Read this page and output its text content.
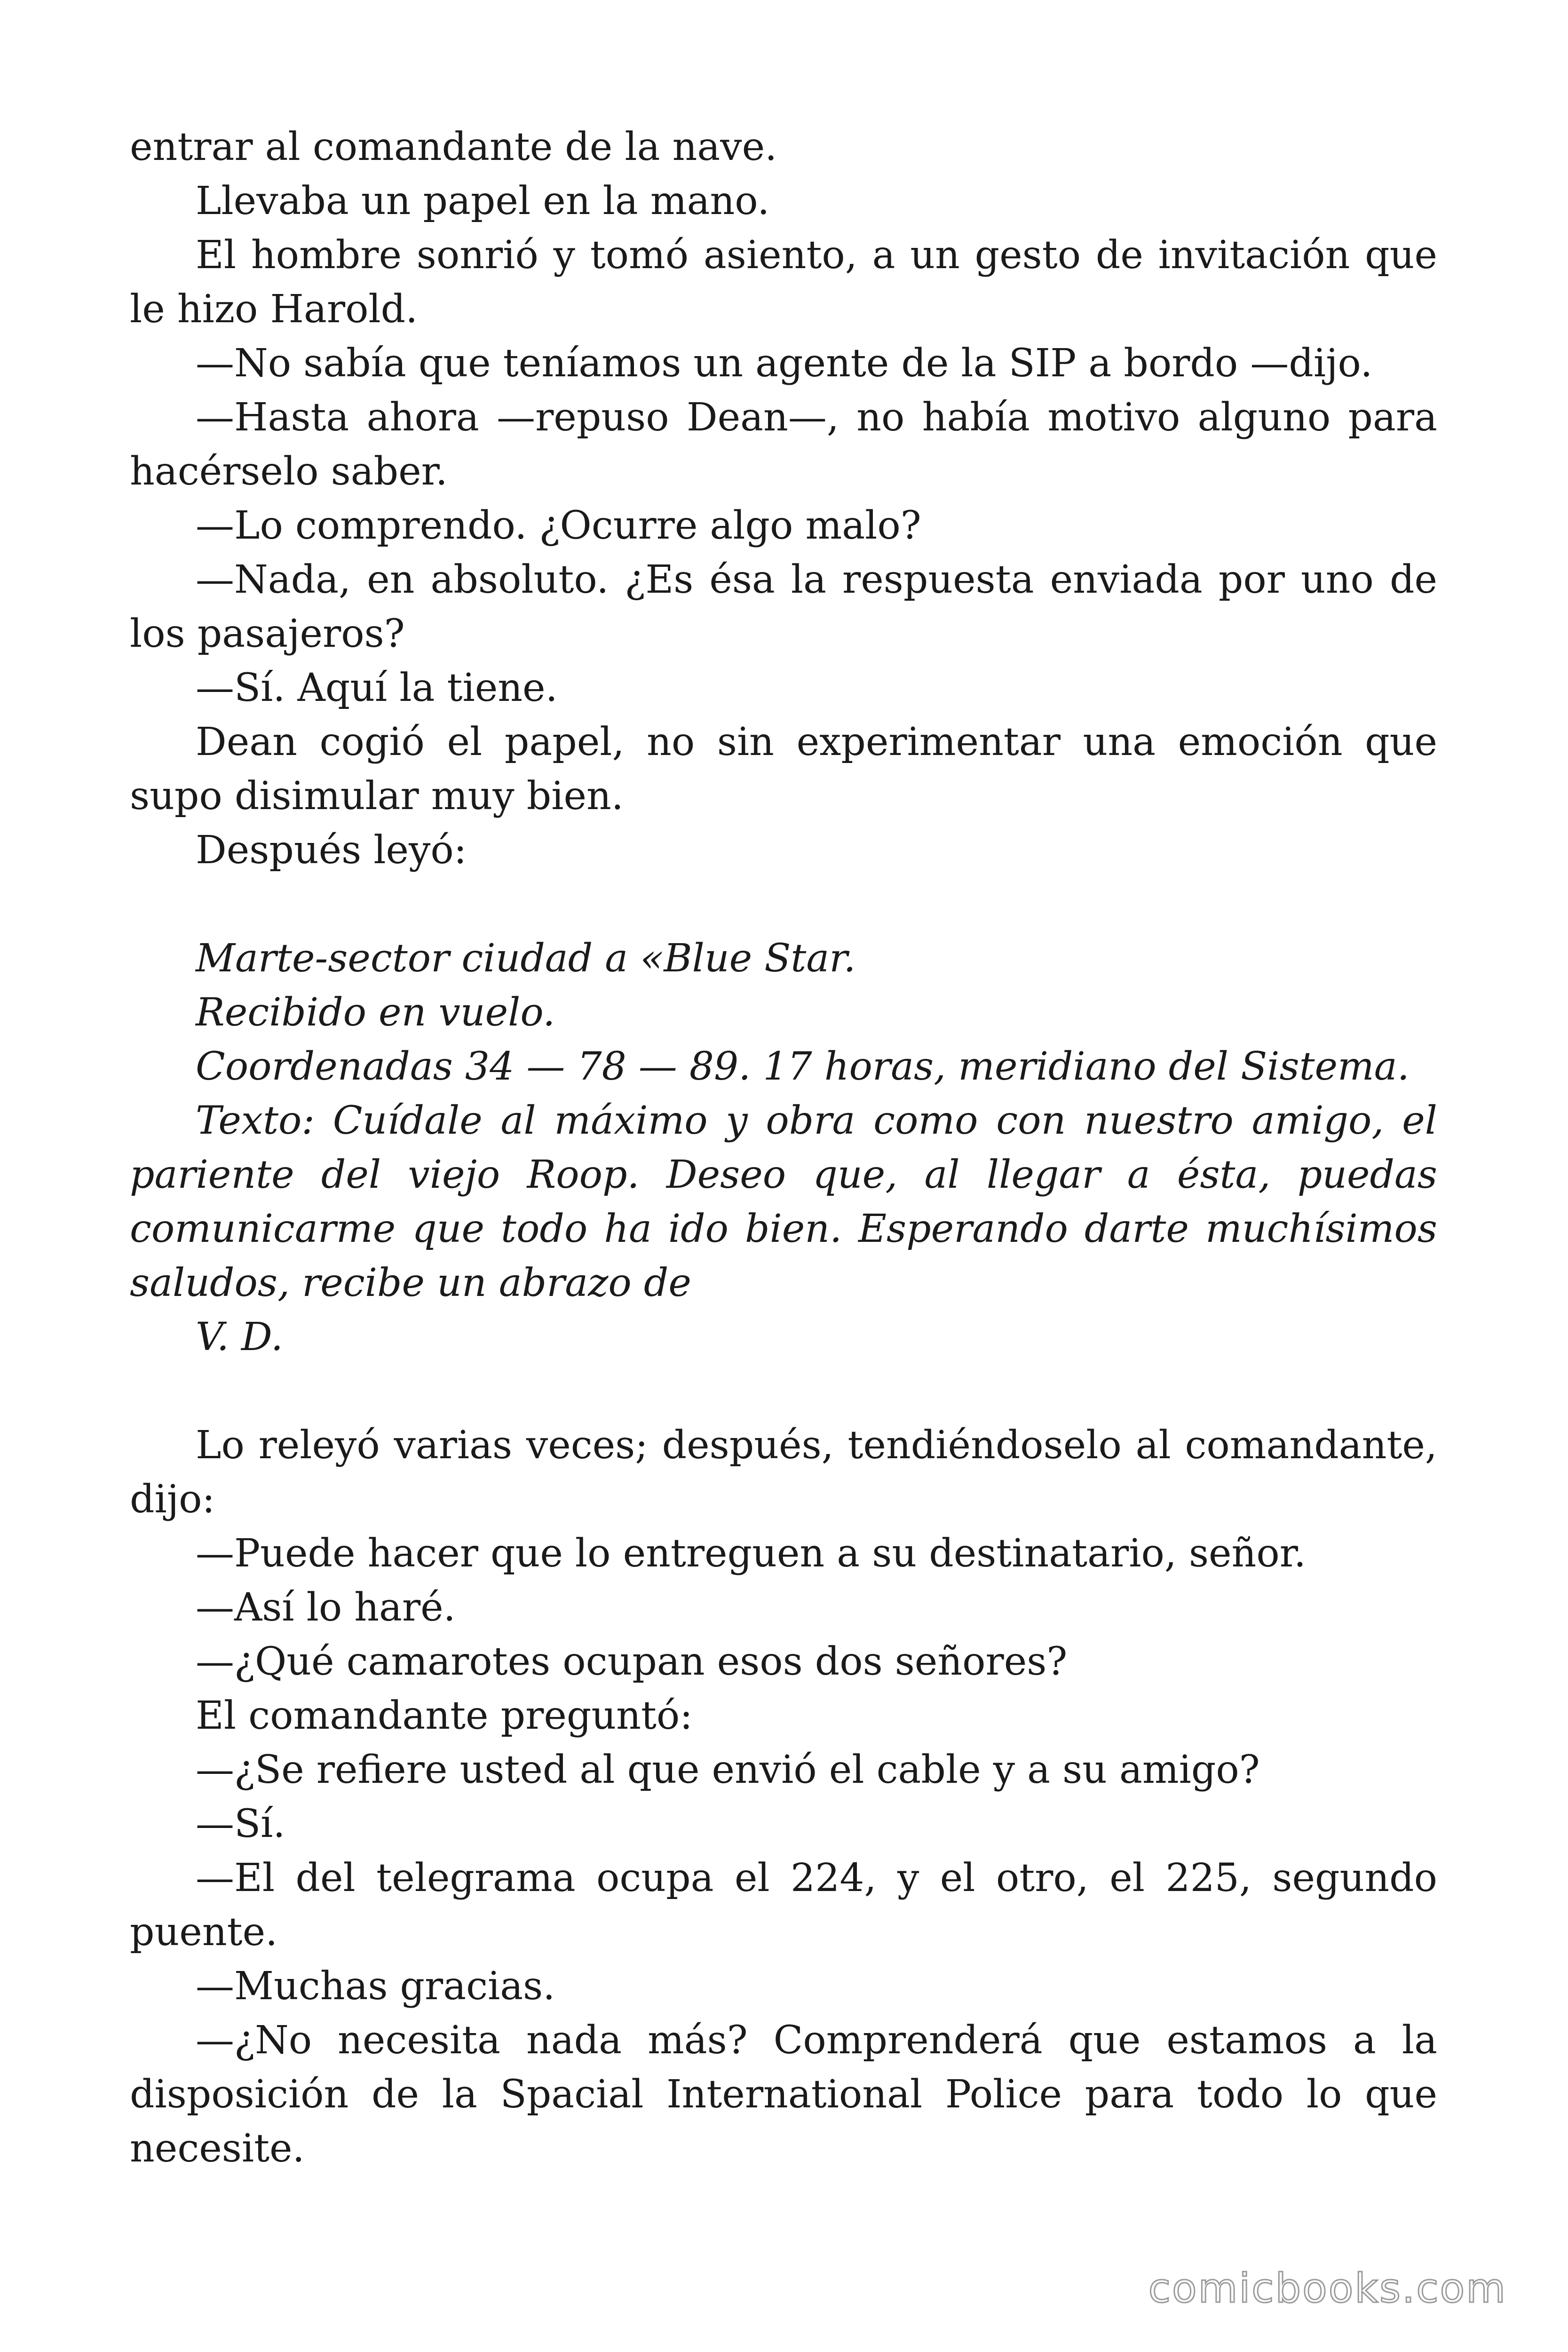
entrar al comandante de la nave.

Llevaba un papel en la mano.

El hombre sonrió y tomó asiento, a un gesto de invitación que le hizo Harold.

—No sabía que teníamos un agente de la SIP a bordo —dijo.

—Hasta ahora —repuso Dean—, no había motivo alguno para hacérselo saber.

—Lo comprendo. ¿Ocurre algo malo?

—Nada, en absoluto. ¿Es ésa la respuesta enviada por uno de los pasajeros?

—Sí. Aquí la tiene.

Dean cogió el papel, no sin experimentar una emoción que supo disimular muy bien.

Después leyó:

Marte-sector ciudad a «Blue Star.

Recibido en vuelo.

Coordenadas 34 — 78 — 89. 17 horas, meridiano del Sistema.

Texto: Cuídale al máximo y obra como con nuestro amigo, el pariente del viejo Roop. Deseo que, al llegar a ésta, puedas comunicarme que todo ha ido bien. Esperando darte muchísimos saludos, recibe un abrazo de

V. D.

Lo releyó varias veces; después, tendiéndoselo al comandante, dijo:

—Puede hacer que lo entreguen a su destinatario, señor.

—Así lo haré.

—¿Qué camarotes ocupan esos dos señores?

El comandante preguntó:

—¿Se refiere usted al que envió el cable y a su amigo?

—Sí.

—El del telegrama ocupa el 224, y el otro, el 225, segundo puente.

—Muchas gracias.

—¿No necesita nada más? Comprenderá que estamos a la disposición de la Spacial International Police para todo lo que necesite.

comicbooks.com
